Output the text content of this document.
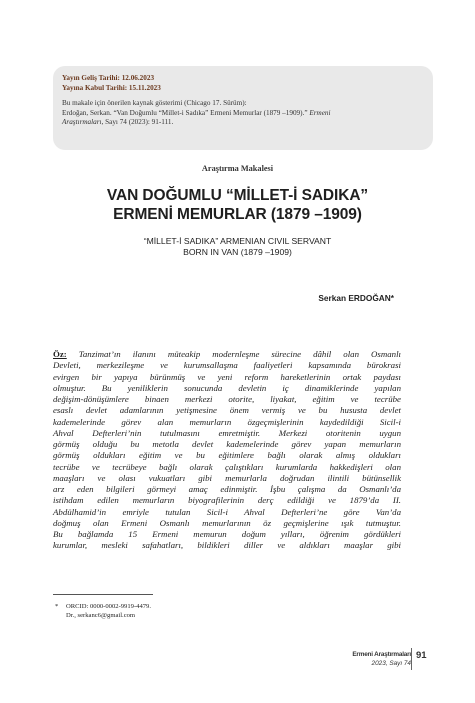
Yayın Geliş Tarihi: 12.06.2023
Yayına Kabul Tarihi: 15.11.2023
Bu makale için önerilen kaynak gösterimi (Chicago 17. Sürüm):
Erdoğan, Serkan. “Van Doğumlu “Millet-i Sadıka” Ermeni Memurlar (1879 –1909).” Ermeni
Araştırmaları, Sayı 74 (2023): 91-111.
Araştırma Makalesi
VAN DOĞUMLU “MİLLET-İ SADIKA”
ERMENİ MEMURLAR (1879 –1909)
“MİLLET-İ SADIKA” ARMENIAN CIVIL SERVANT
BORN IN VAN (1879 –1909)
Serkan ERDOĞAN*
Öz: Tanzimat’ın ilanını müteakip modernleşme sürecine dâhil olan Osmanlı
Devleti, merkezileşme ve kurumsallaşma faaliyetleri kapsamında bürokrasi
evirgen bir yapıya bürünmüş ve yeni reform hareketlerinin ortak paydası
olmuştur. Bu yeniliklerin sonucunda devletin iç dinamiklerinde yapılan
değişim-dönüşümlere binaen merkezi otorite, liyakat, eğitim ve tecrübe
esaslı devlet adamlarının yetişmesine önem vermiş ve bu hususta devlet
kademelerinde görev alan memurların özgeçmişlerinin kaydedildiği Sicil-i
Ahval Defterleri’nin tutulmasını emretmiştir. Merkezi otoritenin uygun
görmüş olduğu bu metotla devlet kademelerinde görev yapan memurların
görmüş oldukları eğitim ve bu eğitimlere bağlı olarak almış oldukları
tecrübe ve tecrübeye bağlı olarak çalıştıkları kurumlarda hakkedişleri olan
maaşları ve olası vukuatları gibi memurlarla doğrudan ilintili bütünsellik
arz eden bilgileri görmeyi amaç edinmiştir. İşbu çalışma da Osmanlı’da
istihdam edilen memurların biyografilerinin derç edildiği ve 1879’da II.
Abdülhamid’in emriyle tutulan Sicil-i Ahval Defterleri’ne göre Van’da
doğmuş olan Ermeni Osmanlı memurlarının öz geçmişlerine ışık tutmuştur.
Bu bağlamda 15 Ermeni memurun doğum yılları, öğrenim gördükleri
kurumlar, mesleki safahatları, bildikleri diller ve aldıkları maaşlar gibi
* ORCID: 0000-0002-9919-4479.
Dr., serkanc6@gmail.com
Ermeni Araştırmaları
2023, Sayı 74
91
